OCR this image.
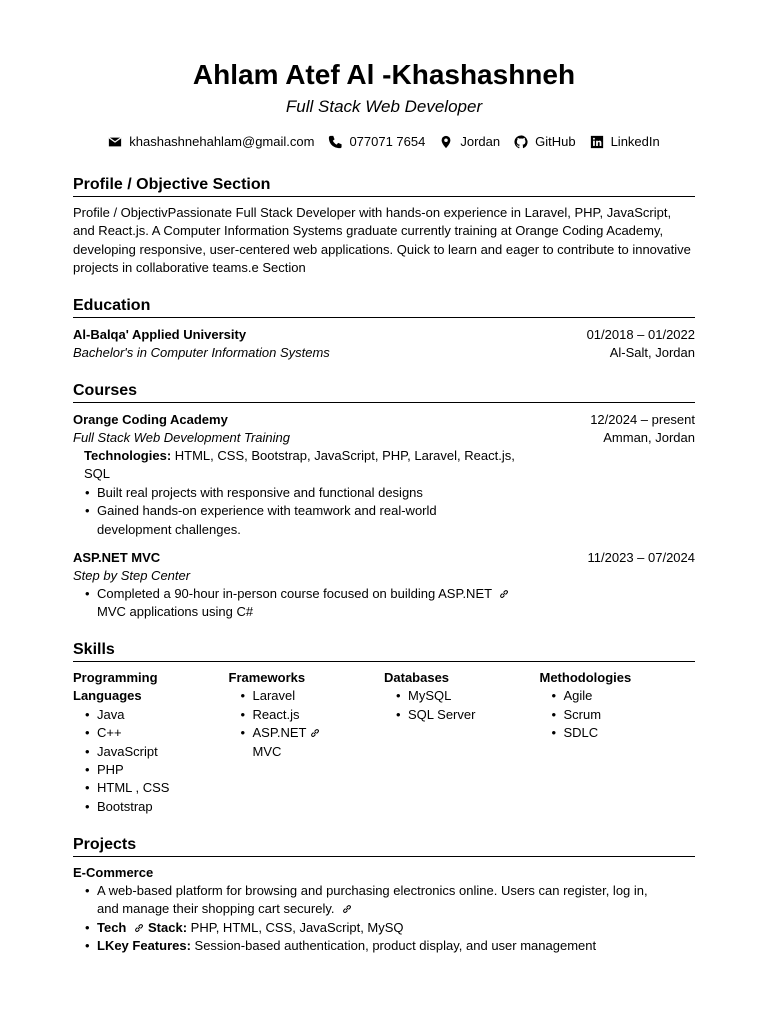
Ahlam Atef Al -Khashashneh
Full Stack Web Developer
khashashnehahlam@gmail.com	077071 7654	Jordan	GitHub	LinkedIn
Profile / Objective Section
Profile / ObjectivPassionate Full Stack Developer with hands-on experience in Laravel, PHP, JavaScript, and React.js. A Computer Information Systems graduate currently training at Orange Coding Academy, developing responsive, user-centered web applications. Quick to learn and eager to contribute to innovative projects in collaborative teams.e Section
Education
Al-Balqa' Applied University	01/2018 – 01/2022
Bachelor's in Computer Information Systems	Al-Salt, Jordan
Courses
Orange Coding Academy	12/2024 – present
Full Stack Web Development Training	Amman, Jordan
Technologies: HTML, CSS, Bootstrap, JavaScript, PHP, Laravel, React.js,
SQL
• Built real projects with responsive and functional designs
• Gained hands-on experience with teamwork and real-world
development challenges.
ASP.NET MVC	11/2023 – 07/2024
Step by Step Center
• Completed a 90-hour in-person course focused on building ASP.NET
MVC applications using C#
Skills
Programming
Languages
• Java
• C++
• JavaScript
• PHP
• HTML , CSS
• Bootstrap
Frameworks
• Laravel
• React.js
• ASP.NET
MVC
Databases
• MySQL
• SQL Server
Methodologies
• Agile
• Scrum
• SDLC
Projects
E-Commerce
• A web-based platform for browsing and purchasing electronics online. Users can register, log in,
and manage their shopping cart securely.
• Tech Stack: PHP, HTML, CSS, JavaScript, MySQ
• LKey Features: Session-based authentication, product display, and user management
